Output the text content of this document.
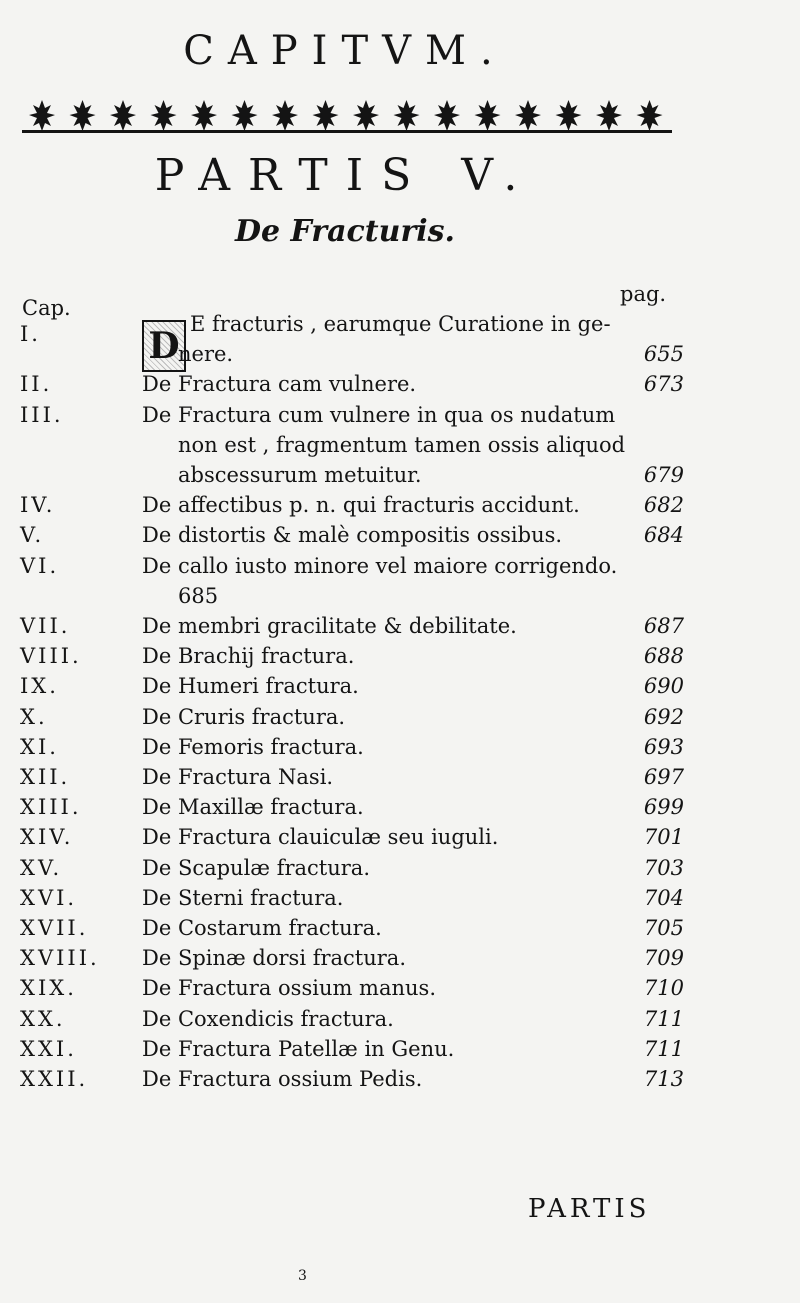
CAPITVM.
PARTIS V.
De Fracturis.
Cap.
pag.
D
I.	E fracturis , earumque Curatione in ge-
nere.	655
II.	De Fractura cam vulnere.	673
III.	De Fractura cum vulnere in qua os nudatum
non est , fragmentum tamen ossis aliquod
abscessurum metuitur.	679
IV.	De affectibus p. n. qui fracturis accidunt.	682
V.	De distortis & malè compositis ossibus.	684
VI.	De callo iusto minore vel maiore corrigendo.
685
VII.	De membri gracilitate & debilitate.	687
VIII.	De Brachij fractura.	688
IX.	De Humeri fractura.	690
X.	De Cruris fractura.	692
XI.	De Femoris fractura.	693
XII.	De Fractura Nasi.	697
XIII.	De Maxillæ fractura.	699
XIV.	De Fractura clauiculæ seu iuguli.	701
XV.	De Scapulæ fractura.	703
XVI.	De Sterni fractura.	704
XVII.	De Costarum fractura.	705
XVIII. De Spinæ dorsi fractura.	709
XIX.	De Fractura ossium manus.	710
XX.	De Coxendicis fractura.	711
XXI.	De Fractura Patellæ in Genu.	711
XXII.	De Fractura ossium Pedis.	713
PARTIS
3
